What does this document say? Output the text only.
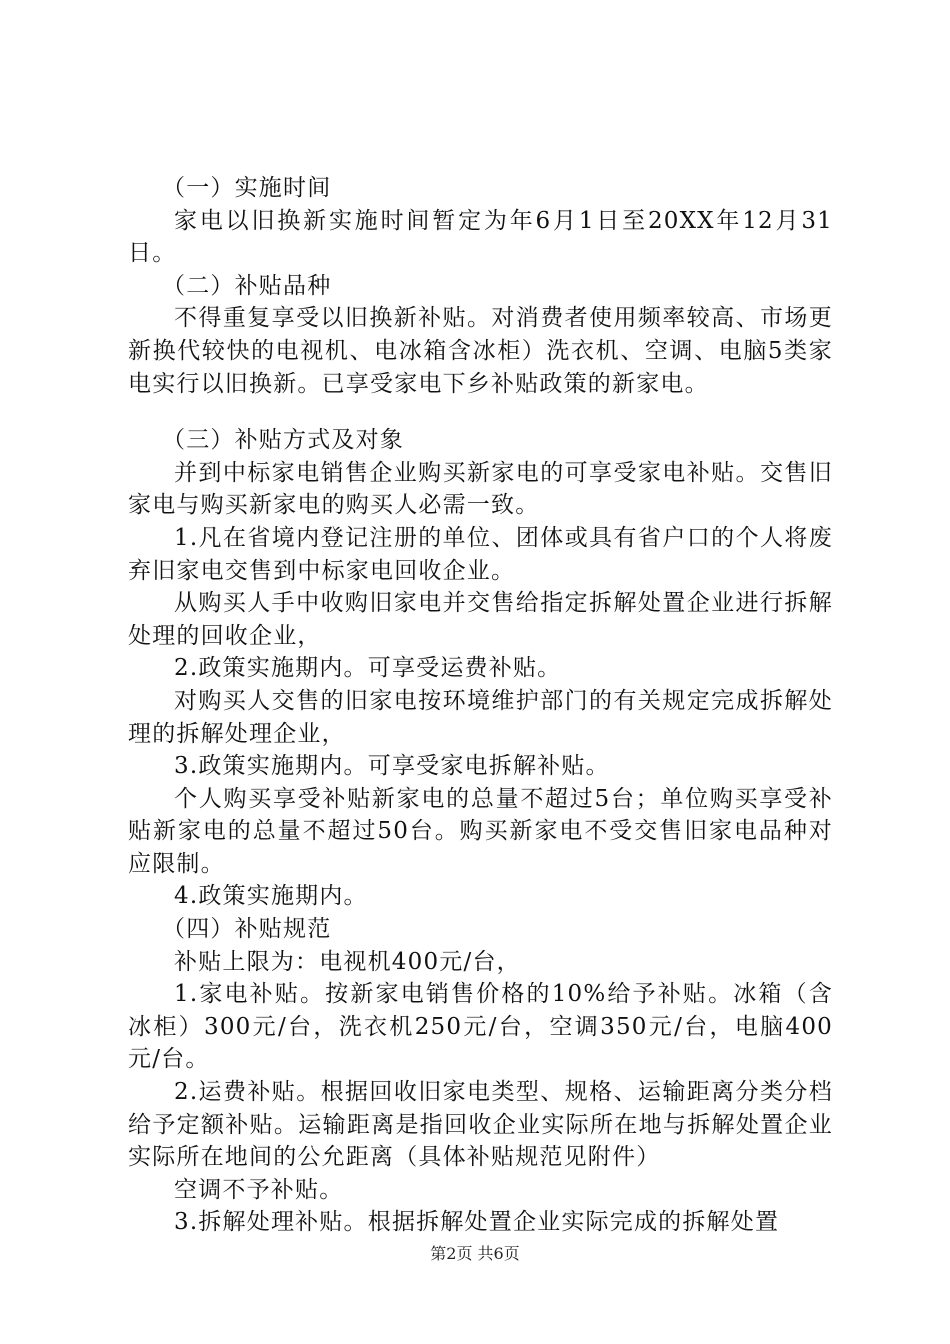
（一）实施时间

家电以旧换新实施时间暂定为年6月1日至20XX年12月31日。

（二）补贴品种

不得重复享受以旧换新补贴。对消费者使用频率较高、市场更新换代较快的电视机、电冰箱含冰柜）洗衣机、空调、电脑5类家电实行以旧换新。已享受家电下乡补贴政策的新家电。

（三）补贴方式及对象

并到中标家电销售企业购买新家电的可享受家电补贴。交售旧家电与购买新家电的购买人必需一致。

1.凡在省境内登记注册的单位、团体或具有省户口的个人将废弃旧家电交售到中标家电回收企业。

从购买人手中收购旧家电并交售给指定拆解处置企业进行拆解处理的回收企业，

2.政策实施期内。可享受运费补贴。

对购买人交售的旧家电按环境维护部门的有关规定完成拆解处理的拆解处理企业，

3.政策实施期内。可享受家电拆解补贴。

个人购买享受补贴新家电的总量不超过5台；单位购买享受补贴新家电的总量不超过50台。购买新家电不受交售旧家电品种对应限制。

4.政策实施期内。

（四）补贴规范

补贴上限为：电视机400元/台，

1.家电补贴。按新家电销售价格的10%给予补贴。冰箱（含冰柜）300元/台，洗衣机250元/台，空调350元/台，电脑400元/台。

2.运费补贴。根据回收旧家电类型、规格、运输距离分类分档给予定额补贴。运输距离是指回收企业实际所在地与拆解处置企业实际所在地间的公允距离（具体补贴规范见附件）

空调不予补贴。

3.拆解处理补贴。根据拆解处置企业实际完成的拆解处置

第2页 共6页
